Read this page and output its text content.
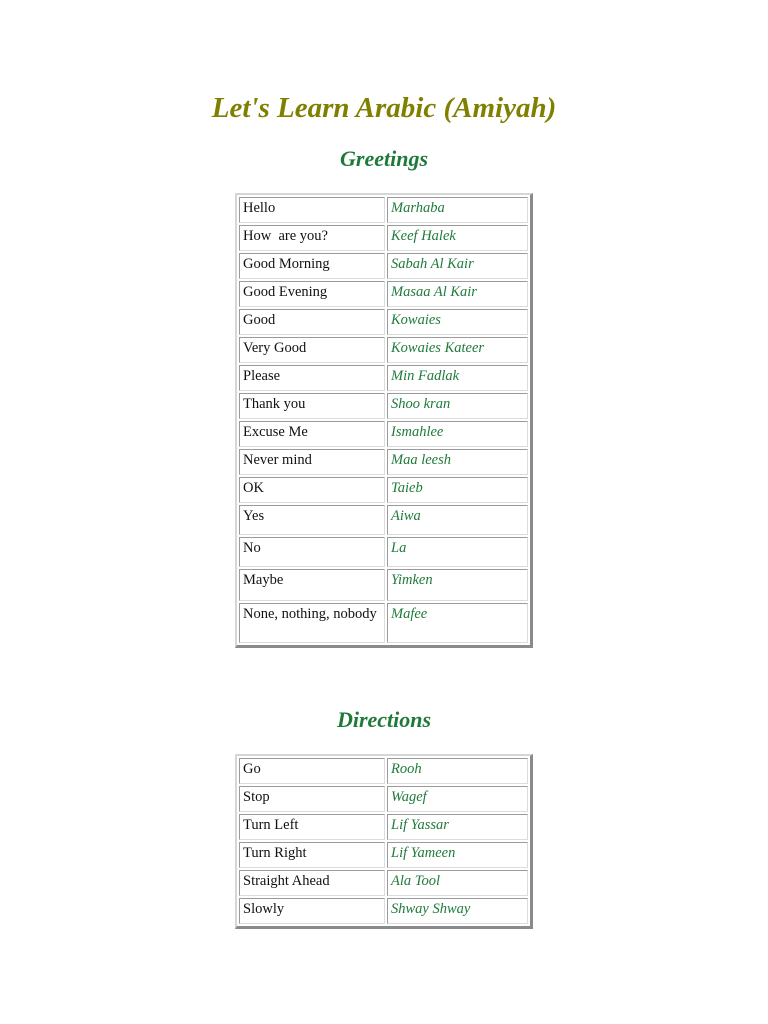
Let's Learn Arabic (Amiyah)
Greetings
Hello	Marhaba
How  are you?	Keef Halek
Good Morning	Sabah Al Kair
Good Evening	Masaa Al Kair
Good	Kowaies
Very Good	Kowaies Kateer
Please	Min Fadlak
Thank you	Shoo kran
Excuse Me	Ismahlee
Never mind	Maa leesh
OK	Taieb
Yes	Aiwa
No	La
Maybe	Yimken
None, nothing, nobody	Mafee
Directions
Go	Rooh
Stop	Wagef
Turn Left	Lif Yassar
Turn Right	Lif Yameen
Straight Ahead	Ala Tool
Slowly	Shway Shway
